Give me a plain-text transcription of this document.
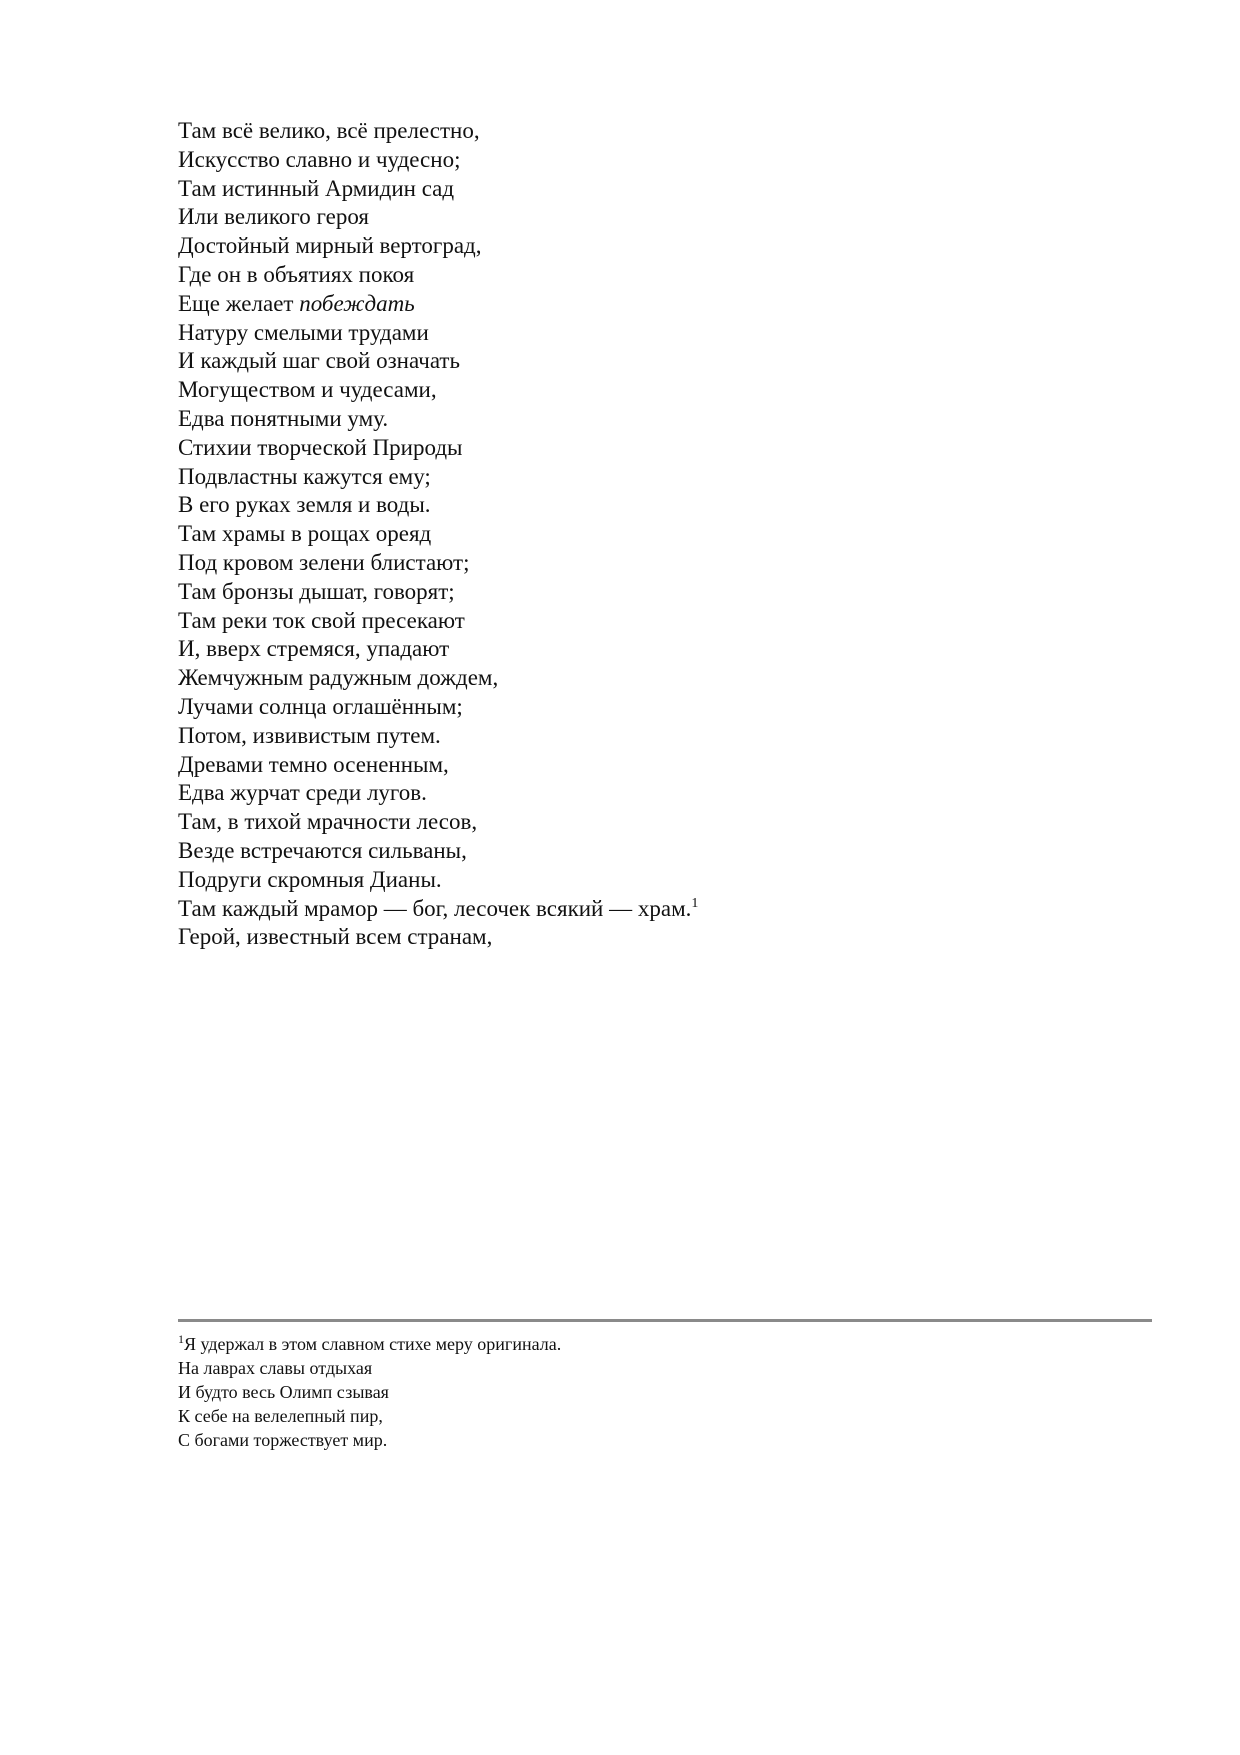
Там всё велико, всё прелестно,
Искусство славно и чудесно;
Там истинный Армидин сад
Или великого героя
Достойный мирный вертоград,
Где он в объятиях покоя
Еще желает побеждать
Натуру смелыми трудами
И каждый шаг свой означать
Могуществом и чудесами,
Едва понятными уму.
Стихии творческой Природы
Подвластны кажутся ему;
В его руках земля и воды.
Там храмы в рощах ореяд
Под кровом зелени блистают;
Там бронзы дышат, говорят;
Там реки ток свой пресекают
И, вверх стремяся, упадают
Жемчужным радужным дождем,
Лучами солнца оглашённым;
Потом, извивистым путем.
Древами темно осененным,
Едва журчат среди лугов.
Там, в тихой мрачности лесов,
Везде встречаются сильваны,
Подруги скромныя Дианы.
Там каждый мрамор — бог, лесочек всякий — храм.$^1$
Герой, известный всем странам,
$^1$Я удержал в этом славном стихе меру оригинала.
На лаврах славы отдыхая
И будто весь Олимп сзывая
К себе на велелепный пир,
С богами торжествует мир.
